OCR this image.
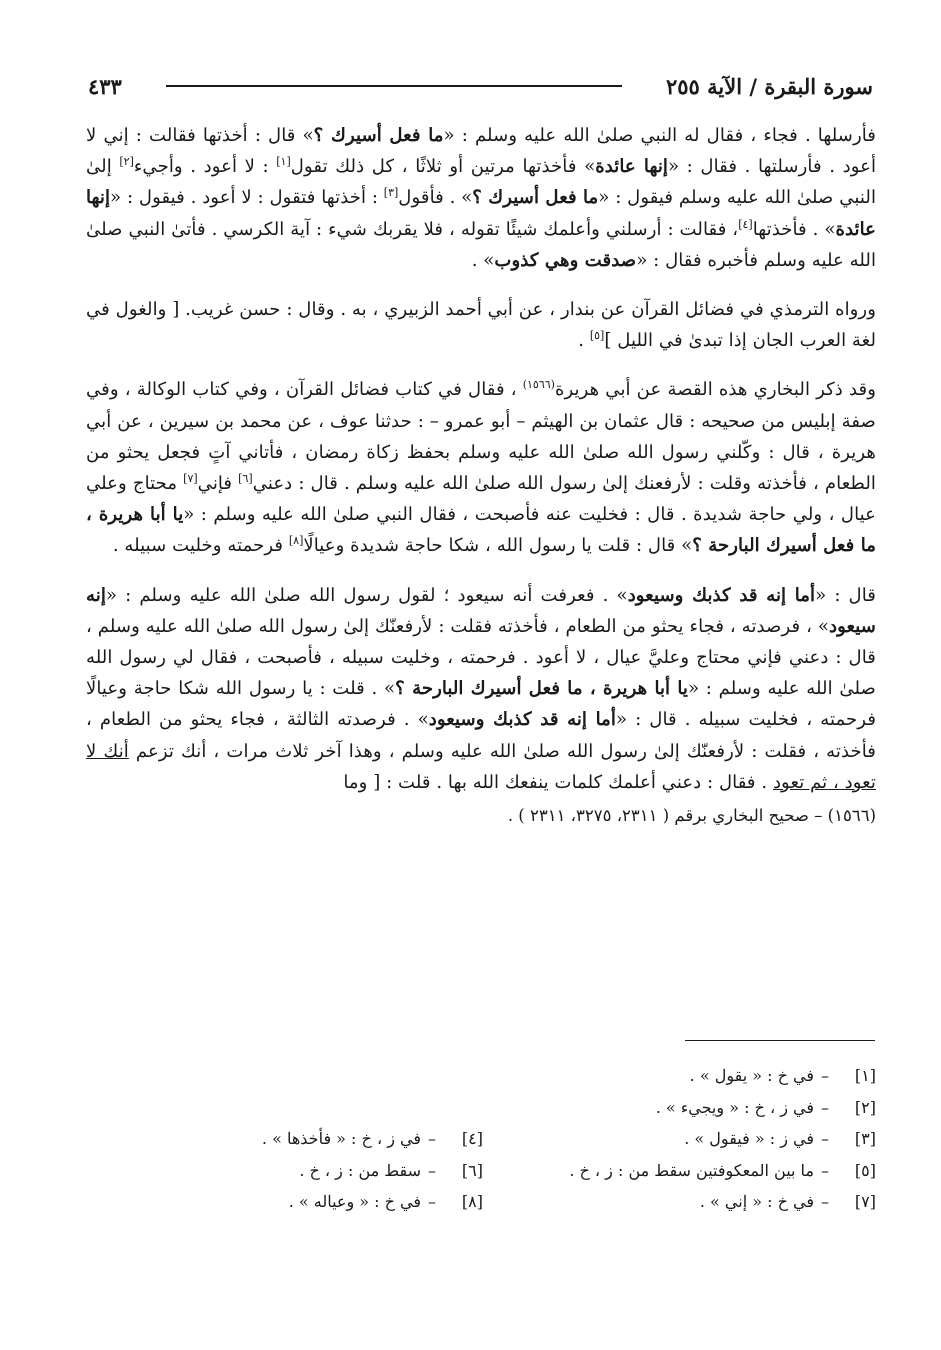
سورة البقرة / الآية ٢٥٥
٤٣٣

فأرسلها . فجاء ، فقال له النبي صلىٰ الله عليه وسلم : «ما فعل أسيرك ؟» قال : أخذتها فقالت : إني لا أعود . فأرسلتها . فقال : «إنها عائدة» فأخذتها مرتين أو ثلاثًا ، كل ذلك تقول[١] : لا أعود . وأجيء[٢] إلىٰ النبي صلىٰ الله عليه وسلم فيقول : «ما فعل أسيرك ؟» . فأقول[٣] : أخذتها فتقول : لا أعود . فيقول : «إنها عائدة» . فأخذتها[٤]، فقالت : أرسلني وأعلمك شيئًا تقوله ، فلا يقربك شيء : آية الكرسي . فأتىٰ النبي صلىٰ الله عليه وسلم فأخبره فقال : «صدقت وهي كذوب» .

ورواه الترمذي في فضائل القرآن عن بندار ، عن أبي أحمد الزبيري ، به . وقال : حسن غريب. [ والغول في لغة العرب الجان إذا تبدىٰ في الليل ][٥] .

وقد ذكر البخاري هذه القصة عن أبي هريرة$^{(١٥٦٦)}$ ، فقال في كتاب فضائل القرآن ، وفي كتاب الوكالة ، وفي صفة إبليس من صحيحه : قال عثمان بن الهيثم – أبو عمرو – : حدثنا عوف ، عن محمد بن سيرين ، عن أبي هريرة ، قال : وكّلني رسول الله صلىٰ الله عليه وسلم بحفظ زكاة رمضان ، فأتاني آتٍ فجعل يحثو من الطعام ، فأخذته وقلت : لأرفعنك إلىٰ رسول الله صلىٰ الله عليه وسلم . قال : دعني[٦] فإني[٧] محتاج وعلي عيال ، ولي حاجة شديدة . قال : فخليت عنه فأصبحت ، فقال النبي صلىٰ الله عليه وسلم : «يا أبا هريرة ، ما فعل أسيرك البارحة ؟» قال : قلت يا رسول الله ، شكا حاجة شديدة وعيالًا[٨] فرحمته وخليت سبيله .

قال : «أما إنه قد كذبك وسيعود» . فعرفت أنه سيعود ؛ لقول رسول الله صلىٰ الله عليه وسلم : «إنه سيعود» ، فرصدته ، فجاء يحثو من الطعام ، فأخذته فقلت : لأرفعنّك إلىٰ رسول الله صلىٰ الله عليه وسلم ، قال : دعني فإني محتاج وعليَّ عيال ، لا أعود . فرحمته ، وخليت سبيله ، فأصبحت ، فقال لي رسول الله صلىٰ الله عليه وسلم : «يا أبا هريرة ، ما فعل أسيرك البارحة ؟» . قلت : يا رسول الله شكا حاجة وعيالًا فرحمته ، فخليت سبيله . قال : «أما إنه قد كذبك وسيعود» . فرصدته الثالثة ، فجاء يحثو من الطعام ، فأخذته ، فقلت : لأرفعنّك إلىٰ رسول الله صلىٰ الله عليه وسلم ، وهذا آخر ثلاث مرات ، أنك تزعم أنك لا تعود ، ثم تعود . فقال : دعني أعلمك كلمات ينفعك الله بها . قلت : [ وما

(١٥٦٦) – صحيح البخاري برقم ( ٢٣١١، ٣٢٧٥، ٢٣١١ ) .

[١]–في خ : « يقول » .
[٢]–في ز ، خ : « ويجيء » .
[٣]–في ز : « فيقول » .
[٤]–في ز ، خ : « فأخذها » .
[٥]–ما بين المعكوفتين سقط من : ز ، خ .
[٦]–سقط من : ز ، خ .
[٧]–في خ : « إني » .
[٨]–في خ : « وعياله » .
